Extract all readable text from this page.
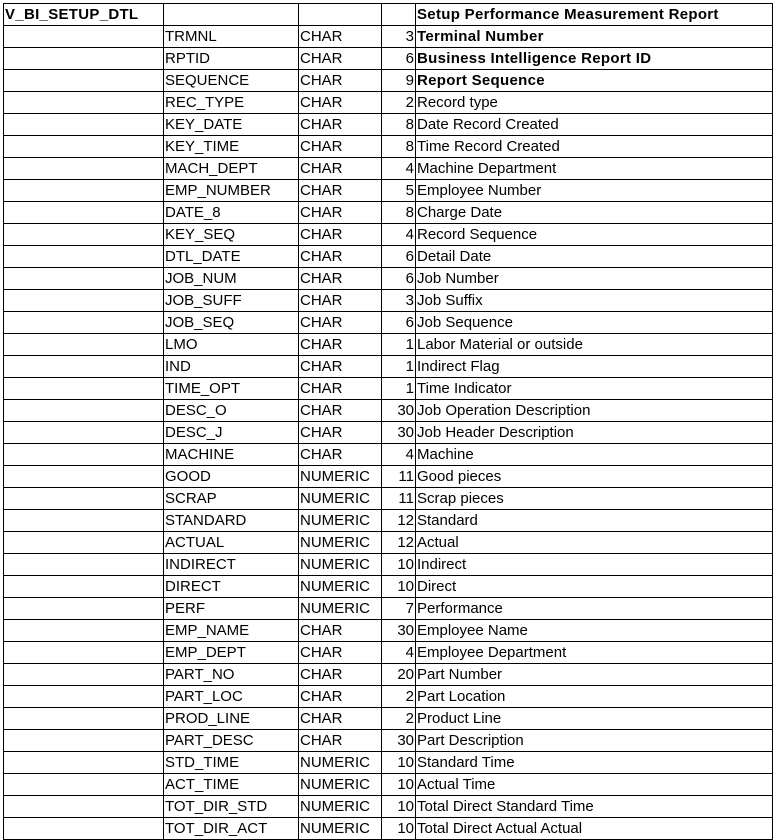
V_BI_SETUP_DTL				Setup Performance Measurement Report
	TRMNL	CHAR	3	Terminal Number
	RPTID	CHAR	6	Business Intelligence Report ID
	SEQUENCE	CHAR	9	Report Sequence
	REC_TYPE	CHAR	2	Record type
	KEY_DATE	CHAR	8	Date Record Created
	KEY_TIME	CHAR	8	Time Record Created
	MACH_DEPT	CHAR	4	Machine Department
	EMP_NUMBER	CHAR	5	Employee Number
	DATE_8	CHAR	8	Charge Date
	KEY_SEQ	CHAR	4	Record Sequence
	DTL_DATE	CHAR	6	Detail Date
	JOB_NUM	CHAR	6	Job Number
	JOB_SUFF	CHAR	3	Job Suffix
	JOB_SEQ	CHAR	6	Job Sequence
	LMO	CHAR	1	Labor Material or outside
	IND	CHAR	1	Indirect Flag
	TIME_OPT	CHAR	1	Time Indicator
	DESC_O	CHAR	30	Job Operation Description
	DESC_J	CHAR	30	Job Header Description
	MACHINE	CHAR	4	Machine
	GOOD	NUMERIC	11	Good pieces
	SCRAP	NUMERIC	11	Scrap pieces
	STANDARD	NUMERIC	12	Standard
	ACTUAL	NUMERIC	12	Actual
	INDIRECT	NUMERIC	10	Indirect
	DIRECT	NUMERIC	10	Direct
	PERF	NUMERIC	7	Performance
	EMP_NAME	CHAR	30	Employee Name
	EMP_DEPT	CHAR	4	Employee Department
	PART_NO	CHAR	20	Part Number
	PART_LOC	CHAR	2	Part Location
	PROD_LINE	CHAR	2	Product Line
	PART_DESC	CHAR	30	Part Description
	STD_TIME	NUMERIC	10	Standard Time
	ACT_TIME	NUMERIC	10	Actual Time
	TOT_DIR_STD	NUMERIC	10	Total Direct Standard Time
	TOT_DIR_ACT	NUMERIC	10	Total Direct Actual Actual
